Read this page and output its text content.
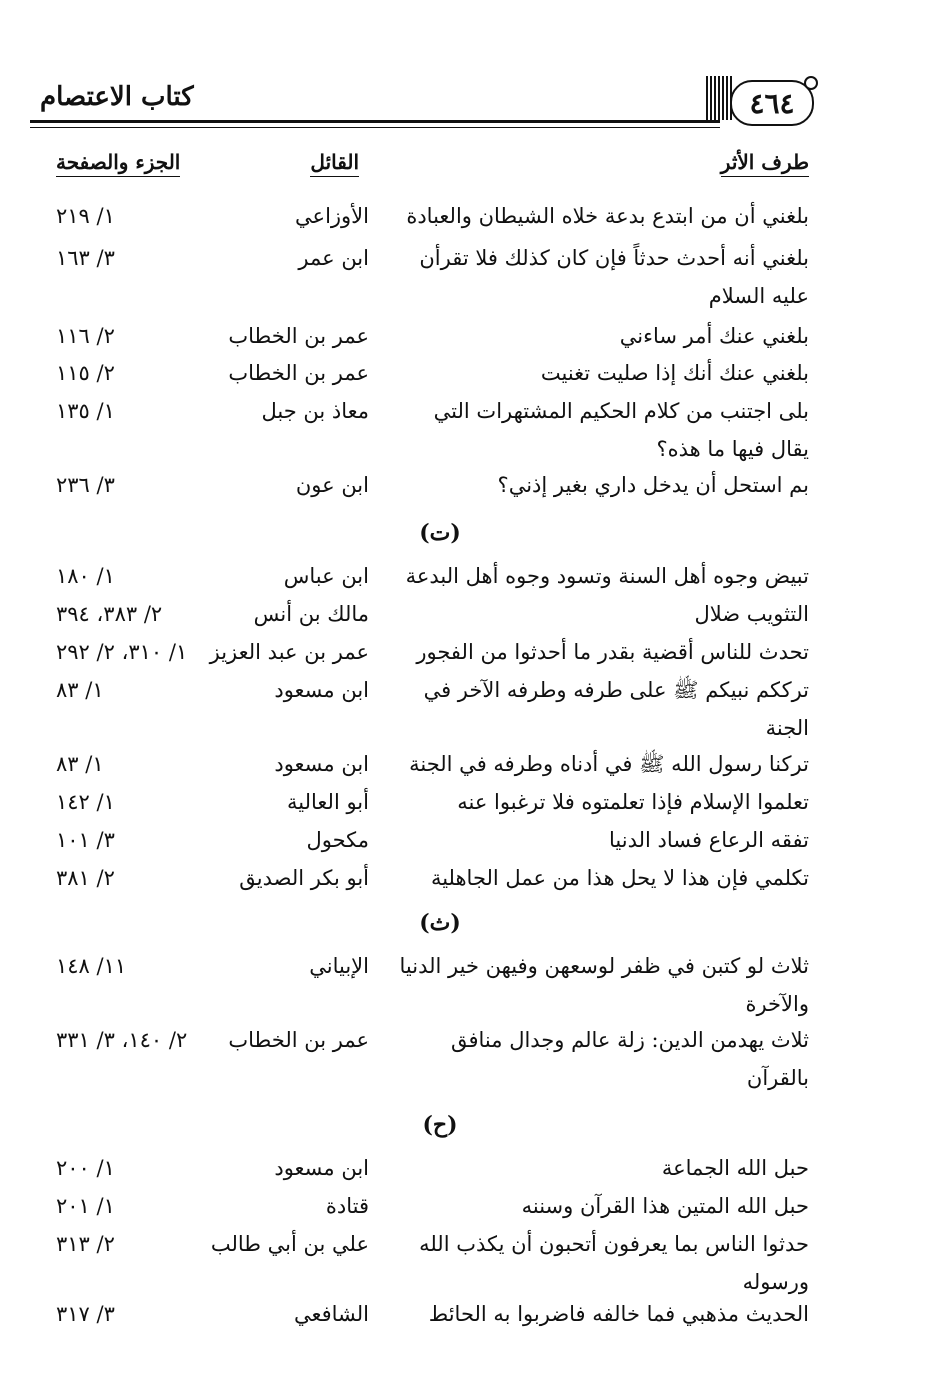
٤٦٤
كتاب الاعتصام
طرف الأثر
القائل
الجزء والصفحة
بلغني أن من ابتدع بدعة خلاه الشيطان والعبادة
الأوزاعي
١/ ٢١٩
بلغني أنه أحدث حدثاً فإن كان كذلك فلا تقرأن
عليه السلام
ابن عمر
٣/ ١٦٣
بلغني عنك أمر ساءني
عمر بن الخطاب
٢/ ١١٦
بلغني عنك أنك إذا صليت تغنيت
عمر بن الخطاب
٢/ ١١٥
بلى اجتنب من كلام الحكيم المشتهرات التي
يقال فيها ما هذه؟
معاذ بن جبل
١/ ١٣٥
بم استحل أن يدخل داري بغير إذني؟
ابن عون
٣/ ٢٣٦
(ت)
تبيض وجوه أهل السنة وتسود وجوه أهل البدعة
ابن عباس
١/ ١٨٠
التثويب ضلال
مالك بن أنس
٢/ ٣٨٣، ٣٩٤
تحدث للناس أقضية بقدر ما أحدثوا من الفجور
عمر بن عبد العزيز
١/ ٣١٠، ٢/ ٢٩٢
ترككم نبيكم ﷺ على طرفه وطرفه الآخر في
الجنة
ابن مسعود
١/ ٨٣
تركنا رسول الله ﷺ في أدناه وطرفه في الجنة
ابن مسعود
١/ ٨٣
تعلموا الإسلام فإذا تعلمتوه فلا ترغبوا عنه
أبو العالية
١/ ١٤٢
تفقه الرعاع فساد الدنيا
مكحول
٣/ ١٠١
تكلمي فإن هذا لا يحل هذا من عمل الجاهلية
أبو بكر الصديق
٢/ ٣٨١
(ث)
ثلاث لو كتبن في ظفر لوسعهن وفيهن خير الدنيا
والآخرة
الإبياني
١١/ ١٤٨
ثلاث يهدمن الدين: زلة عالم وجدال منافق
بالقرآن
عمر بن الخطاب
٢/ ١٤٠، ٣/ ٣٣١
(ح)
حبل الله الجماعة
ابن مسعود
١/ ٢٠٠
حبل الله المتين هذا القرآن وسننه
قتادة
١/ ٢٠١
حدثوا الناس بما يعرفون أتحبون أن يكذب الله
ورسوله
علي بن أبي طالب
٢/ ٣١٣
الحديث مذهبي فما خالفه فاضربوا به الحائط
الشافعي
٣/ ٣١٧
